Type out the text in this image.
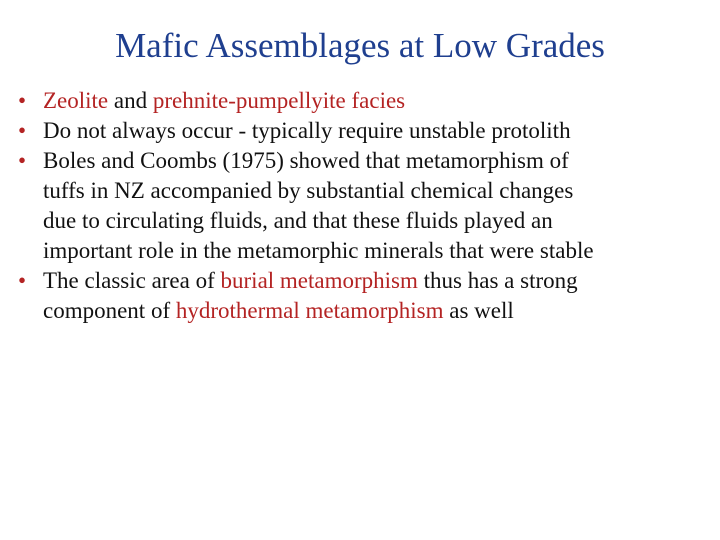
Mafic Assemblages at Low Grades
• Zeolite and prehnite-pumpellyite facies
• Do not always occur - typically require unstable protolith
• Boles and Coombs (1975) showed that metamorphism of
tuffs in NZ accompanied by substantial chemical changes
due to circulating fluids, and that these fluids played an
important role in the metamorphic minerals that were stable
• The classic area of burial metamorphism thus has a strong
component of hydrothermal metamorphism as well
